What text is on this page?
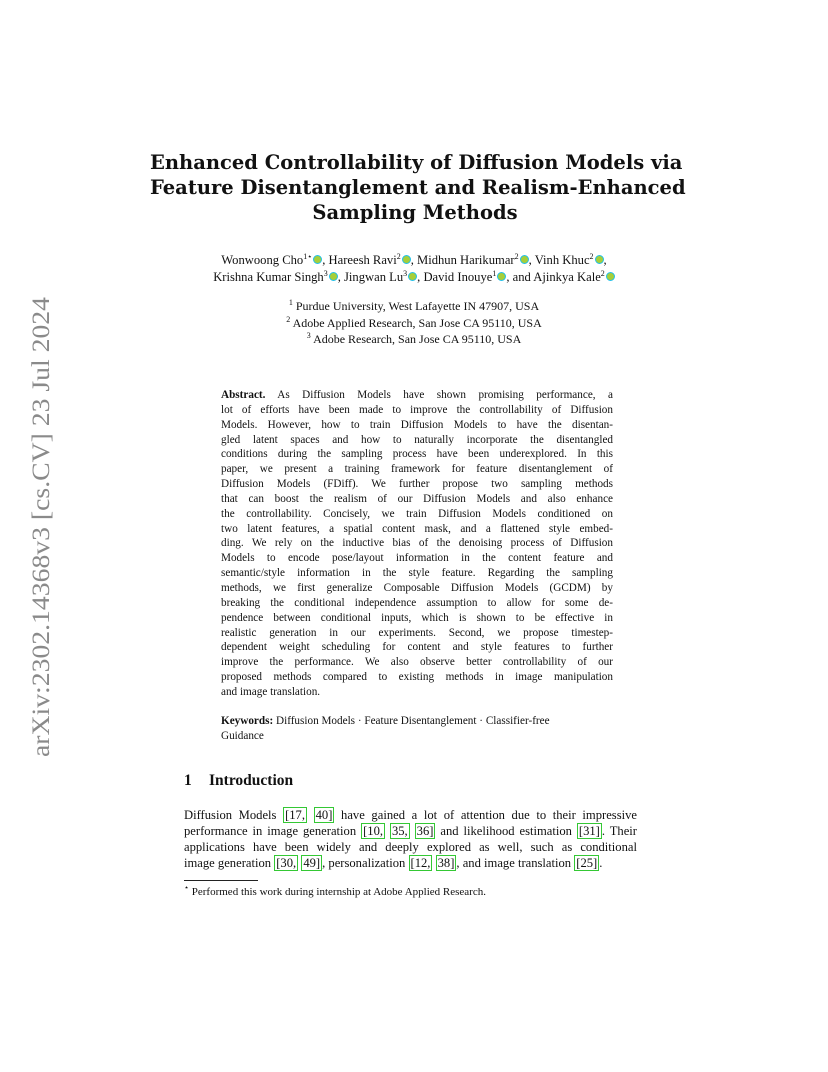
arXiv:2302.14368v3 [cs.CV] 23 Jul 2024
Enhanced Controllability of Diffusion Models via
Feature Disentanglement and Realism-Enhanced
Sampling Methods
Wonwoong Cho$^{1⋆}$ , Hareesh Ravi$^2$ , Midhun Harikumar$^2$ , Vinh Khuc$^2$ ,
Krishna Kumar Singh$^3$ , Jingwan Lu$^3$ , David Inouye$^1$ , and Ajinkya Kale$^2$
$^1$ Purdue University, West Lafayette IN 47907, USA
$^2$ Adobe Applied Research, San Jose CA 95110, USA
$^3$ Adobe Research, San Jose CA 95110, USA
Abstract. As Diffusion Models have shown promising performance, a
lot of efforts have been made to improve the controllability of Diffusion
Models. However, how to train Diffusion Models to have the disentan-
gled latent spaces and how to naturally incorporate the disentangled
conditions during the sampling process have been underexplored. In this
paper, we present a training framework for feature disentanglement of
Diffusion Models (FDiff). We further propose two sampling methods
that can boost the realism of our Diffusion Models and also enhance
the controllability. Concisely, we train Diffusion Models conditioned on
two latent features, a spatial content mask, and a flattened style embed-
ding. We rely on the inductive bias of the denoising process of Diffusion
Models to encode pose/layout information in the content feature and
semantic/style information in the style feature. Regarding the sampling
methods, we first generalize Composable Diffusion Models (GCDM) by
breaking the conditional independence assumption to allow for some de-
pendence between conditional inputs, which is shown to be effective in
realistic generation in our experiments. Second, we propose timestep-
dependent weight scheduling for content and style features to further
improve the performance. We also observe better controllability of our
proposed methods compared to existing methods in image manipulation
and image translation.
Keywords: Diffusion Models · Feature Disentanglement · Classifier-free
Guidance
1 Introduction
Diffusion Models [17, 40] have gained a lot of attention due to their impressive
performance in image generation [10, 35, 36] and likelihood estimation [31] . Their
applications have been widely and deeply explored as well, such as conditional
image generation [30, 49] , personalization [12, 38] , and image translation [25] .
⋆ Performed this work during internship at Adobe Applied Research.
